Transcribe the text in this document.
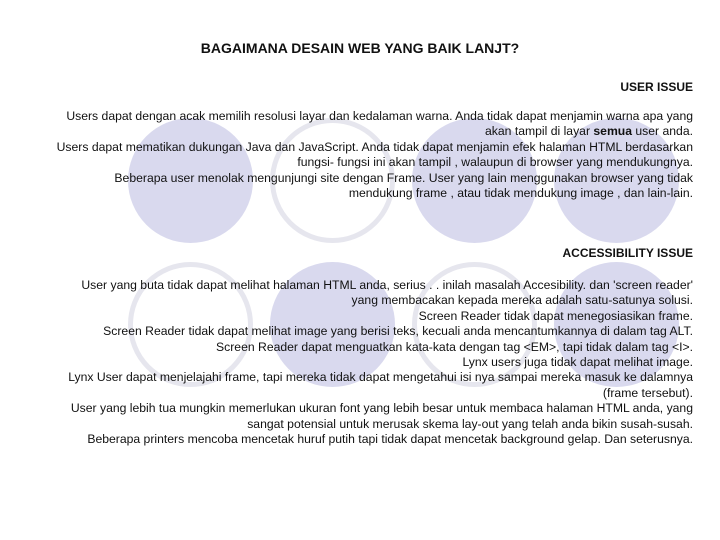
BAGAIMANA DESAIN WEB YANG BAIK LANJT?
USER ISSUE

Users dapat dengan acak memilih resolusi layar dan kedalaman warna. Anda tidak dapat menjamin warna apa yang akan tampil di layar semua user anda.

Users dapat mematikan dukungan Java dan JavaScript. Anda tidak dapat menjamin efek halaman HTML berdasarkan fungsi- fungsi ini akan tampil , walaupun di browser yang mendukungnya.

Beberapa user menolak mengunjungi site dengan Frame. User yang lain menggunakan browser yang tidak mendukung frame , atau tidak mendukung image , dan lain-lain.

ACCESSIBILITY ISSUE

User yang buta tidak dapat melihat halaman HTML anda, serius . . inilah masalah Accesibility. dan 'screen reader' yang membacakan kepada mereka adalah satu-satunya solusi.

Screen Reader tidak dapat menegosiasikan frame.

Screen Reader tidak dapat melihat image yang berisi teks, kecuali anda mencantumkannya di dalam tag ALT.

Screen Reader dapat menguatkan kata-kata dengan tag <EM>, tapi tidak dalam tag <I>.

Lynx users juga tidak dapat melihat image.

Lynx User dapat menjelajahi frame, tapi mereka tidak dapat mengetahui isi nya sampai mereka masuk ke dalamnya (frame tersebut).

User yang lebih tua mungkin memerlukan ukuran font yang lebih besar untuk membaca halaman HTML anda, yang sangat potensial untuk merusak skema lay-out yang telah anda bikin susah-susah.

Beberapa printers mencoba mencetak huruf putih tapi tidak dapat mencetak background gelap. Dan seterusnya.
